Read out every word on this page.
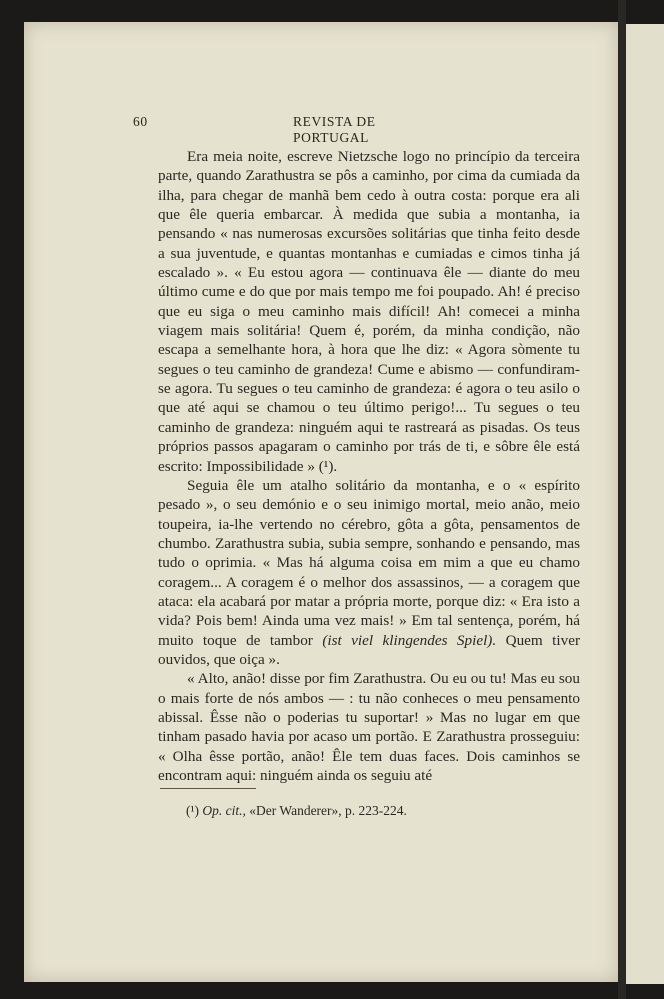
60	REVISTA DE PORTUGAL

Era meia noite, escreve Nietzsche logo no princípio da terceira parte, quando Zarathustra se pôs a caminho, por cima da cumiada da ilha, para chegar de manhã bem cedo à outra costa: porque era ali que êle queria embarcar. À medida que subia a montanha, ia pensando « nas numerosas excursões solitárias que tinha feito desde a sua juventude, e quantas montanhas e cumiadas e cimos tinha já escalado ». « Eu estou agora — continuava êle — diante do meu último cume e do que por mais tempo me foi poupado. Ah! é preciso que eu siga o meu caminho mais difícil! Ah! comecei a minha viagem mais solitária! Quem é, porém, da minha condição, não escapa a semelhante hora, à hora que lhe diz: « Agora sòmente tu segues o teu caminho de grandeza! Cume e abismo — confundiram-se agora. Tu segues o teu caminho de grandeza: é agora o teu asilo o que até aqui se chamou o teu último perigo!... Tu segues o teu caminho de grandeza: ninguém aqui te rastreará as pisadas. Os teus próprios passos apagaram o caminho por trás de ti, e sôbre êle está escrito: Impossibilidade » (¹).

Seguia êle um atalho solitário da montanha, e o « espírito pesado », o seu demónio e o seu inimigo mortal, meio anão, meio toupeira, ia-lhe vertendo no cérebro, gôta a gôta, pensamentos de chumbo. Zarathustra subia, subia sempre, sonhando e pensando, mas tudo o oprimia. « Mas há alguma coisa em mim a que eu chamo coragem... A coragem é o melhor dos assassinos, — a coragem que ataca: ela acabará por matar a própria morte, porque diz: « Era isto a vida? Pois bem! Ainda uma vez mais! » Em tal sentença, porém, há muito toque de tambor (ist viel klingendes Spiel). Quem tiver ouvidos, que oiça ».

« Alto, anão! disse por fim Zarathustra. Ou eu ou tu! Mas eu sou o mais forte de nós ambos — : tu não conheces o meu pensamento abissal. Êsse não o poderias tu suportar! » Mas no lugar em que tinham pasado havia por acaso um portão. E Zarathustra prosseguiu: « Olha êsse portão, anão! Êle tem duas faces. Dois caminhos se encontram aqui: ninguém ainda os seguiu até

(¹) Op. cit., «Der Wanderer», p. 223-224.
